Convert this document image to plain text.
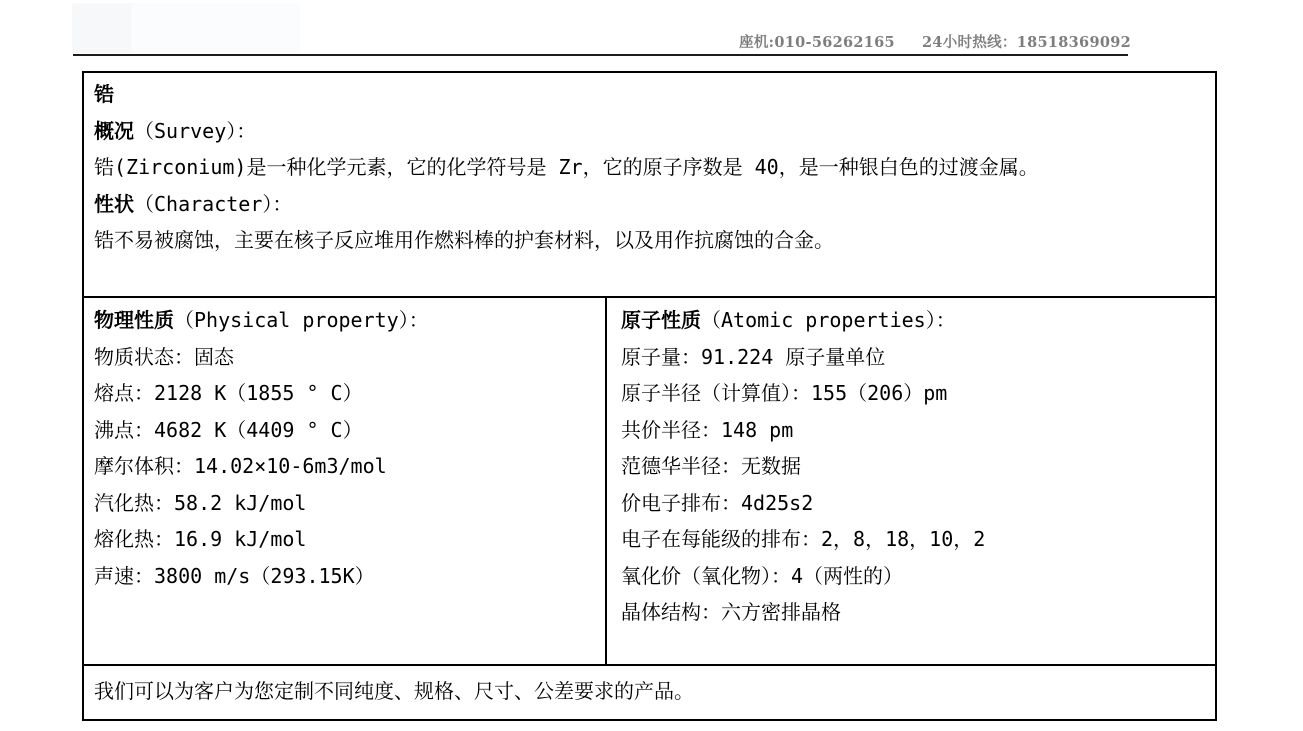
座机:010-56262165 24小时热线：18518369092
锆
概况（Survey）：
锆(Zirconium)是一种化学元素，它的化学符号是 Zr，它的原子序数是 40，是一种银白色的过渡金属。
性状（Character）：
锆不易被腐蚀，主要在核子反应堆用作燃料棒的护套材料，以及用作抗腐蚀的合金。
物理性质（Physical property）：
物质状态：固态
熔点：2128 K（1855 ° C）
沸点：4682 K（4409 ° C）
摩尔体积：14.02×10-6m3/mol
汽化热：58.2 kJ/mol
熔化热：16.9 kJ/mol
声速：3800 m/s（293.15K）
原子性质（Atomic properties）：
原子量：91.224 原子量单位
原子半径（计算值）：155（206）pm
共价半径：148 pm
范德华半径：无数据
价电子排布：4d25s2
电子在每能级的排布：2，8，18，10，2
氧化价（氧化物）：4（两性的）
晶体结构：六方密排晶格
我们可以为客户为您定制不同纯度、规格、尺寸、公差要求的产品。
